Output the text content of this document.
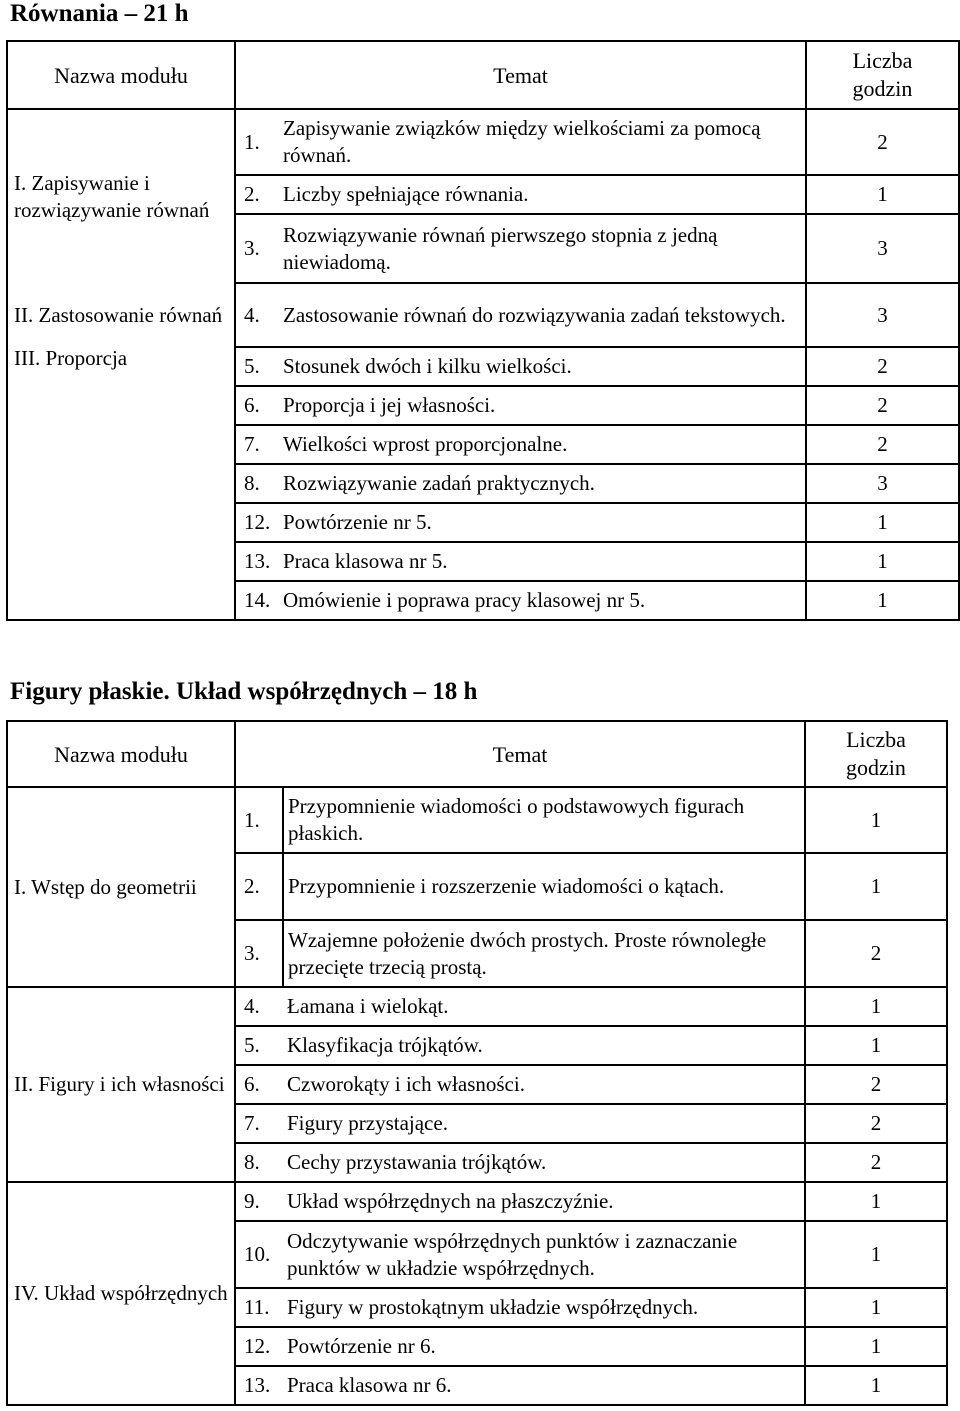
Równania – 21 h
Nazwa modułu	Temat		Liczba
godzin

I. Zapisywanie i rozwiązywanie równań	1.	Zapisywanie związków między wielkościami za pomocą równań.	2
	2.	Liczby spełniające równania.	1
	3.	Rozwiązywanie równań pierwszego stopnia z jedną niewiadomą.	3
II. Zastosowanie równań	4.	Zastosowanie równań do rozwiązywania zadań tekstowych.	3

III. Proporcja	5.	Stosunek dwóch i kilku wielkości.	2
	6.	Proporcja i jej własności.	2
	7.	Wielkości wprost proporcjonalne.	2
	8.	Rozwiązywanie zadań praktycznych.	3
	12.	Powtórzenie nr 5.	1
	13.	Praca klasowa nr 5.	1
	14.	Omówienie i poprawa pracy klasowej nr 5.	1
Figury płaskie. Układ współrzędnych – 18 h
Nazwa modułu	Temat		Liczba
godzin

I. Wstęp do geometrii	1.	Przypomnienie wiadomości o podstawowych figurach płaskich.	1
	2.	Przypomnienie i rozszerzenie wiadomości o kątach.	1
	3.	Wzajemne położenie dwóch prostych. Proste równoległe przecięte trzecią prostą.	2
II. Figury i ich własności	4.	Łamana i wielokąt.	1
	5.	Klasyfikacja trójkątów.	1
	6.	Czworokąty i ich własności.	2
	7.	Figury przystające.	2
	8.	Cechy przystawania trójkątów.	2
IV. Układ współrzędnych	9.	Układ współrzędnych na płaszczyźnie.	1
	10.	Odczytywanie współrzędnych punktów i zaznaczanie punktów w układzie współrzędnych.	1
	11.	Figury w prostokątnym układzie współrzędnych.	1
	12.	Powtórzenie nr 6.	1
	13.	Praca klasowa nr 6.	1
